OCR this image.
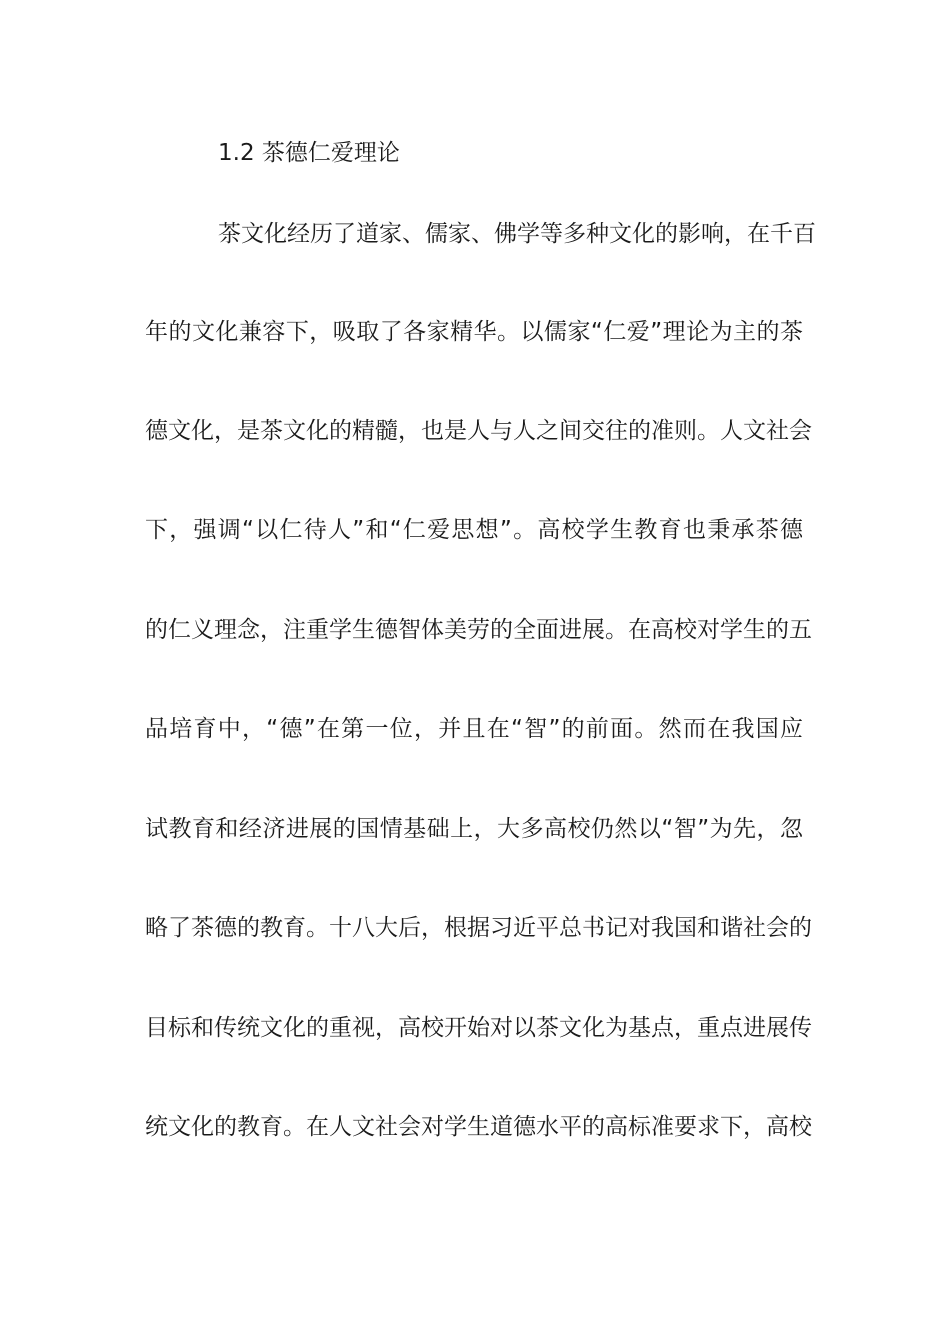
1.2 茶德仁爱理论
茶文化经历了道家、儒家、佛学等多种文化的影响，在千百
年的文化兼容下，吸取了各家精华。以儒家“仁爱”理论为主的茶
德文化，是茶文化的精髓，也是人与人之间交往的准则。人文社会
下，强调“以仁待人”和“仁爱思想”。高校学生教育也秉承茶德
的仁义理念，注重学生德智体美劳的全面进展。在高校对学生的五
品培育中，“德”在第一位，并且在“智”的前面。然而在我国应
试教育和经济进展的国情基础上，大多高校仍然以“智”为先，忽
略了茶德的教育。十八大后，根据习近平总书记对我国和谐社会的
目标和传统文化的重视，高校开始对以茶文化为基点，重点进展传
统文化的教育。在人文社会对学生道德水平的高标准要求下，高校
